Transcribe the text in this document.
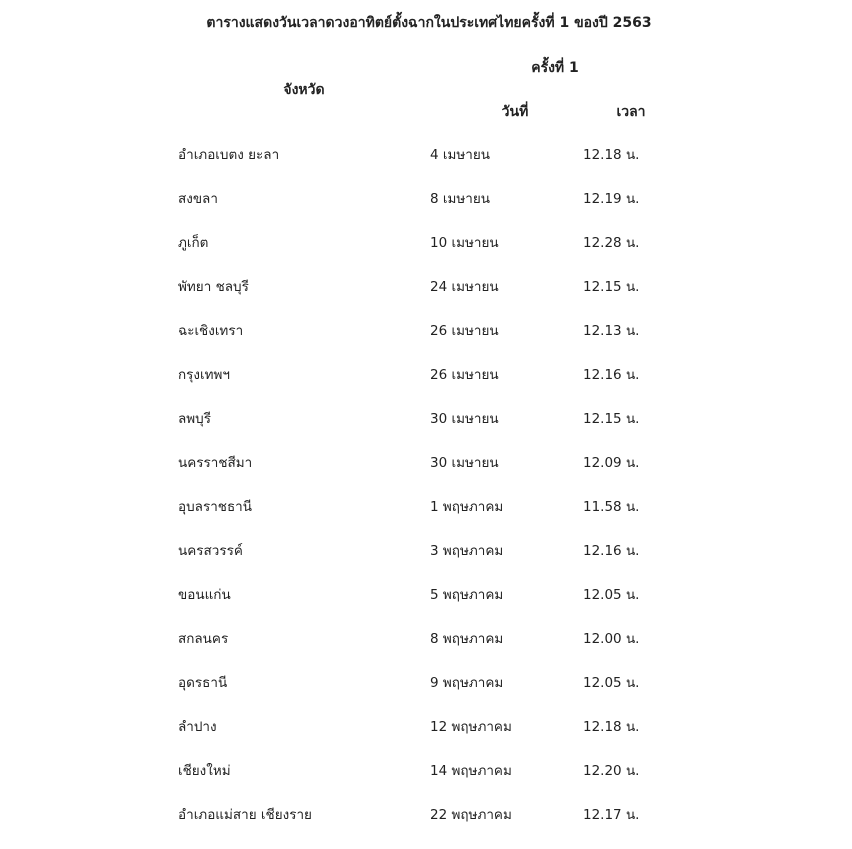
ตารางแสดงวันเวลาดวงอาทิตย์ตั้งฉากในประเทศไทยครั้งที่ 1 ของปี 2563
จังหวัด
ครั้งที่ 1
วันที่	เวลา
อำเภอเบตง ยะลา	4 เมษายน	12.18 น.
สงขลา	8 เมษายน	12.19 น.
ภูเก็ต	10 เมษายน	12.28 น.
พัทยา ชลบุรี	24 เมษายน	12.15 น.
ฉะเชิงเทรา	26 เมษายน	12.13 น.
กรุงเทพฯ	26 เมษายน	12.16 น.
ลพบุรี	30 เมษายน	12.15 น.
นครราชสีมา	30 เมษายน	12.09 น.
อุบลราชธานี	1 พฤษภาคม	11.58 น.
นครสวรรค์	3 พฤษภาคม	12.16 น.
ขอนแก่น	5 พฤษภาคม	12.05 น.
สกลนคร	8 พฤษภาคม	12.00 น.
อุดรธานี	9 พฤษภาคม	12.05 น.
ลำปาง	12 พฤษภาคม	12.18 น.
เชียงใหม่	14 พฤษภาคม	12.20 น.
อำเภอแม่สาย เชียงราย	22 พฤษภาคม	12.17 น.
